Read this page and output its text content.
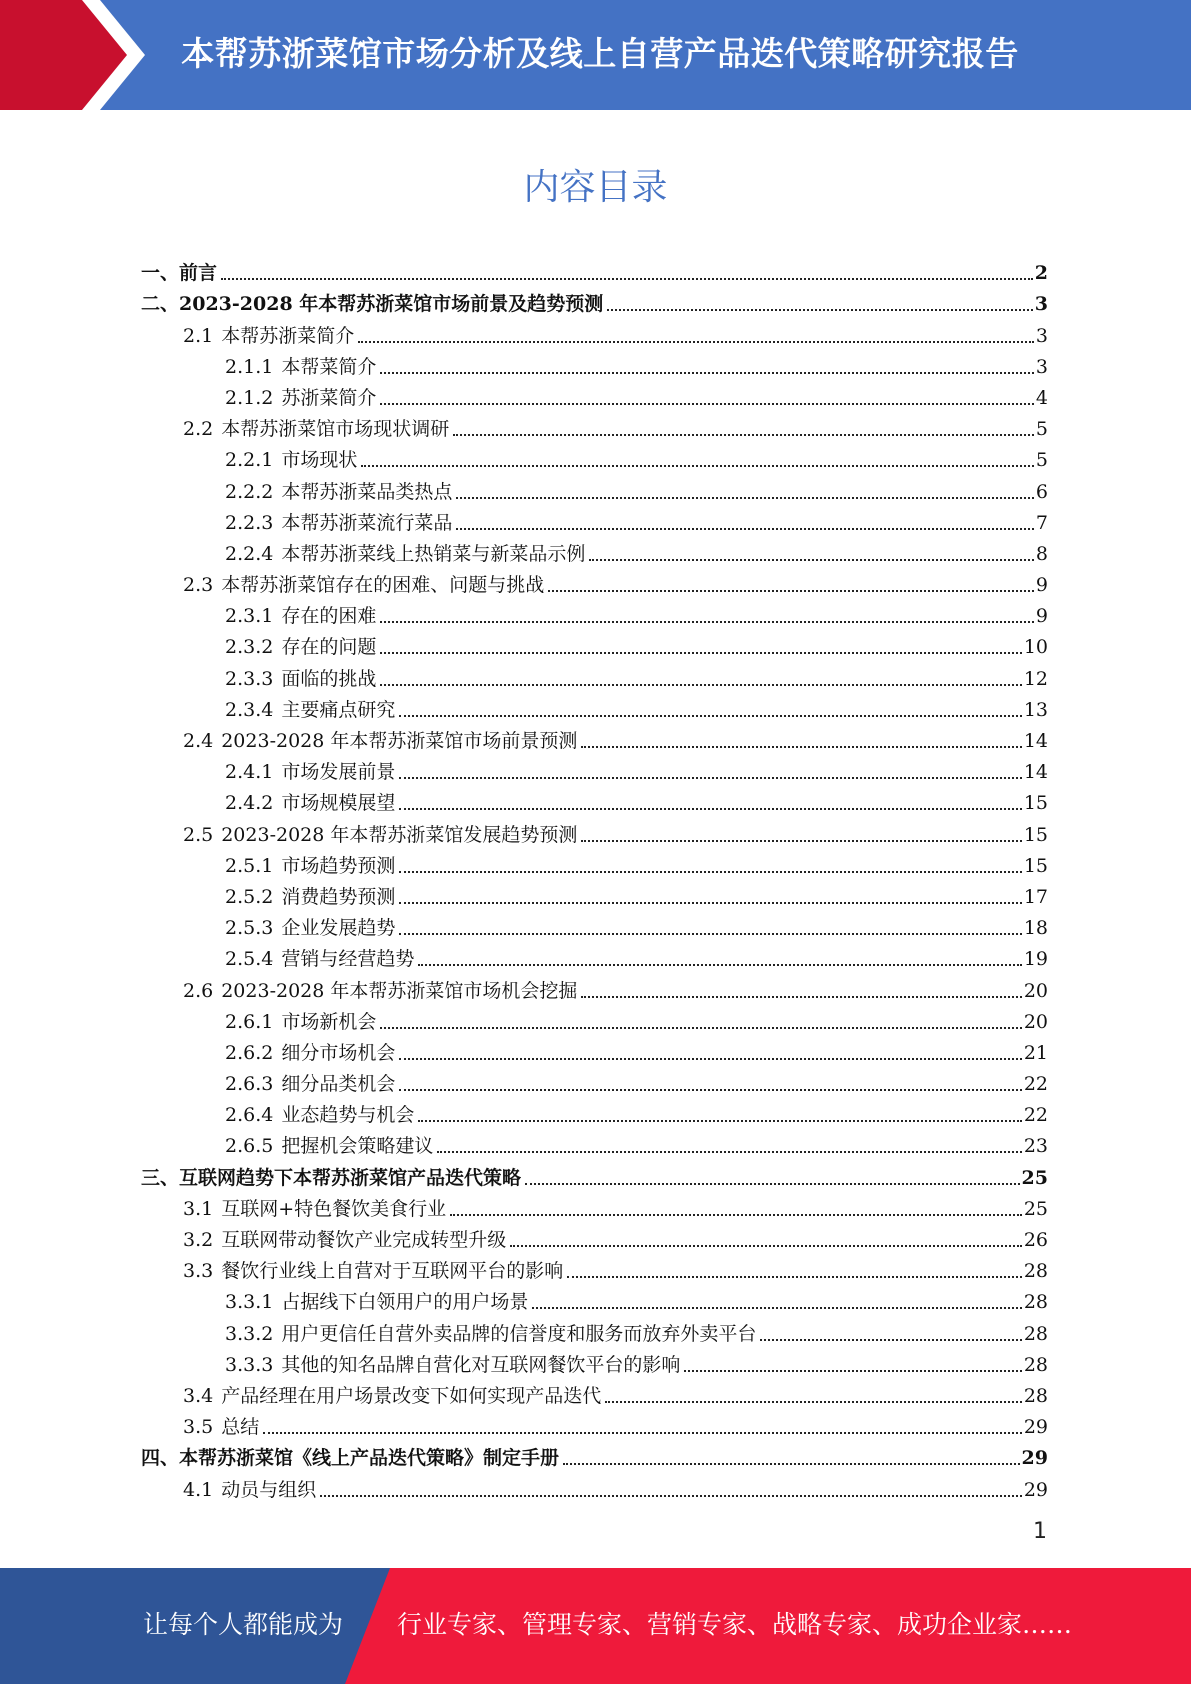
本帮苏浙菜馆市场分析及线上自营产品迭代策略研究报告
内容目录
一、 前言	2
二、 2023-2028 年本帮苏浙菜馆市场前景及趋势预测	3
2.1 本帮苏浙菜简介	3
2.1.1 本帮菜简介	3
2.1.2 苏浙菜简介	4
2.2 本帮苏浙菜馆市场现状调研	5
2.2.1 市场现状	5
2.2.2 本帮苏浙菜品类热点	6
2.2.3 本帮苏浙菜流行菜品	7
2.2.4 本帮苏浙菜线上热销菜与新菜品示例	8
2.3 本帮苏浙菜馆存在的困难、问题与挑战	9
2.3.1 存在的困难	9
2.3.2 存在的问题	10
2.3.3 面临的挑战	12
2.3.4 主要痛点研究	13
2.4 2023-2028 年本帮苏浙菜馆市场前景预测	14
2.4.1 市场发展前景	14
2.4.2 市场规模展望	15
2.5 2023-2028 年本帮苏浙菜馆发展趋势预测	15
2.5.1 市场趋势预测	15
2.5.2 消费趋势预测	17
2.5.3 企业发展趋势	18
2.5.4 营销与经营趋势	19
2.6 2023-2028 年本帮苏浙菜馆市场机会挖掘	20
2.6.1 市场新机会	20
2.6.2 细分市场机会	21
2.6.3 细分品类机会	22
2.6.4 业态趋势与机会	22
2.6.5 把握机会策略建议	23
三、 互联网趋势下本帮苏浙菜馆产品迭代策略	25
3.1 互联网+特色餐饮美食行业	25
3.2 互联网带动餐饮产业完成转型升级	26
3.3 餐饮行业线上自营对于互联网平台的影响	28
3.3.1 占据线下白领用户的用户场景	28
3.3.2 用户更信任自营外卖品牌的信誉度和服务而放弃外卖平台	28
3.3.3 其他的知名品牌自营化对互联网餐饮平台的影响	28
3.4 产品经理在用户场景改变下如何实现产品迭代	28
3.5 总结	29
四、 本帮苏浙菜馆《线上产品迭代策略》制定手册	29
4.1 动员与组织	29
1
让每个人都能成为 行业专家、管理专家、营销专家、战略专家、成功企业家……
